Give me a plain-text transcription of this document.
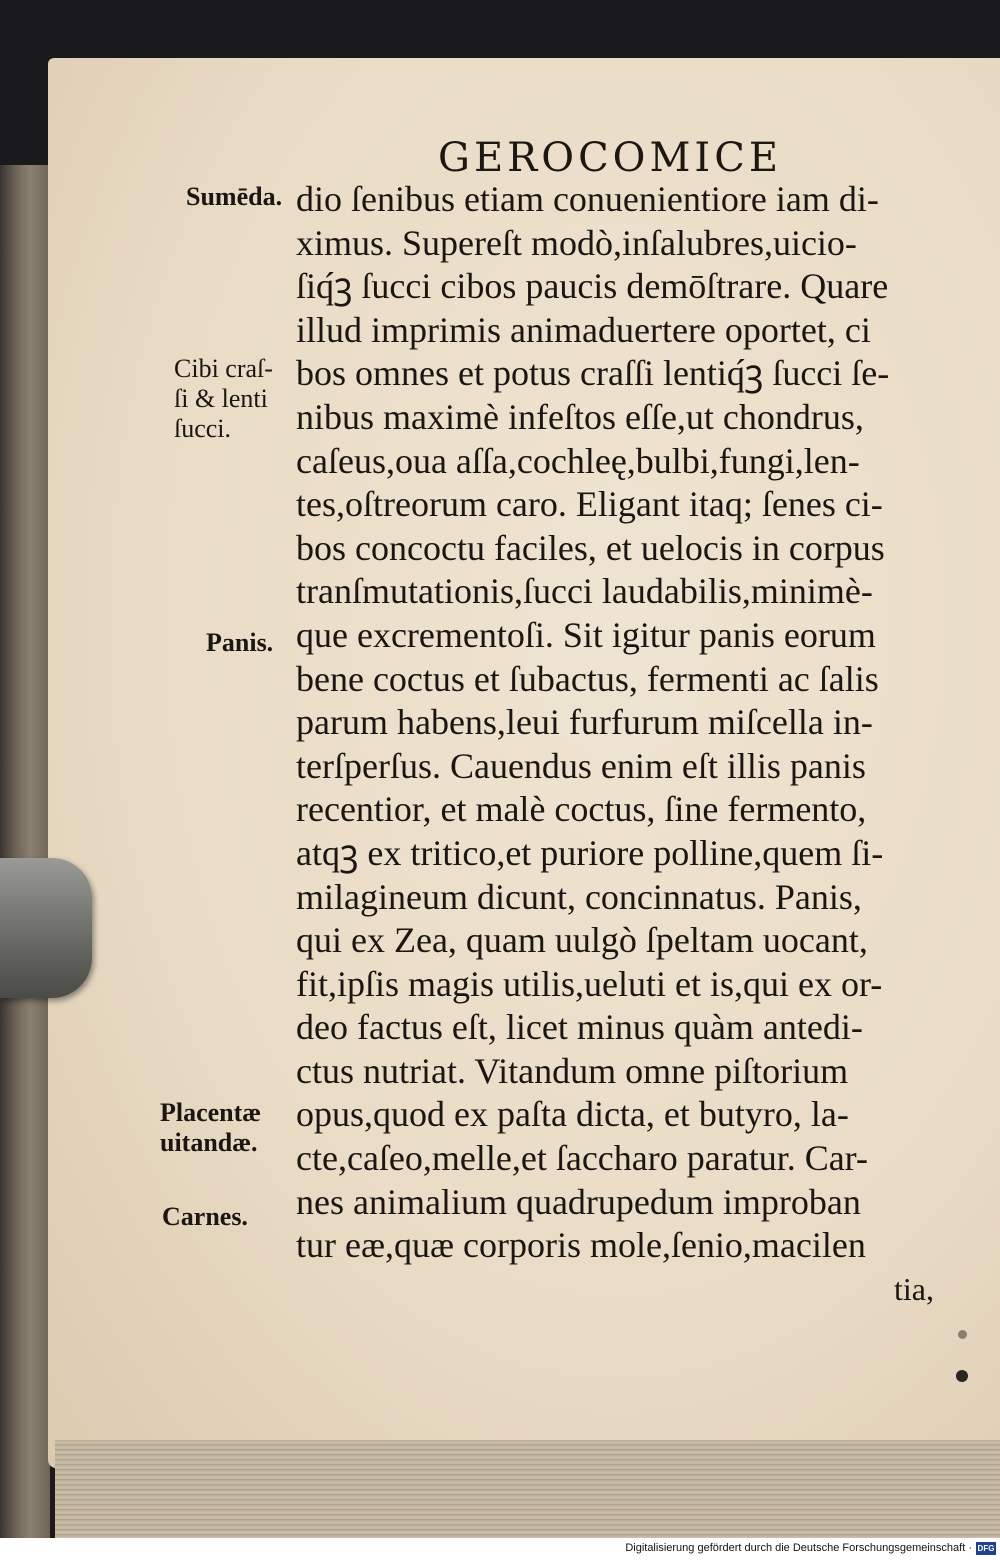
GEROCOMICE
Sumēda.
Cibi craſ-
ſi & lenti
ſucci.
Panis.
Placentæ
uitandæ.
Carnes.
dio ſenibus etiam conuenientiore iam di-
ximus. Supereſt modò,inſalubres,uicio-
ſiq́ꝫ ſucci cibos paucis demōſtrare. Quare
illud imprimis animaduertere oportet, ci
bos omnes et potus craſſi lentiq́ꝫ ſucci ſe-
nibus maximè infeſtos eſſe,ut chondrus,
caſeus,oua aſſa,cochleę,bulbi,fungi,len-
tes,oſtreorum caro. Eligant itaq; ſenes ci-
bos concoctu faciles, et uelocis in corpus
tranſmutationis,ſucci laudabilis,minimè-
que excrementoſi. Sit igitur panis eorum
bene coctus et ſubactus, fermenti ac ſalis
parum habens,leui furfurum miſcella in-
terſperſus. Cauendus enim eſt illis panis
recentior, et malè coctus, ſine fermento,
atqꝫ ex tritico,et puriore polline,quem ſi-
milagineum dicunt, concinnatus. Panis,
qui ex Zea, quam uulgò ſpeltam uocant,
fit,ipſis magis utilis,ueluti et is,qui ex or-
deo factus eſt, licet minus quàm antedi-
ctus nutriat. Vitandum omne piſtorium
opus,quod ex paſta dicta, et butyro, la-
cte,caſeo,melle,et ſaccharo paratur. Car-
nes animalium quadrupedum improban
tur eæ,quæ corporis mole,ſenio,macilen
tia,
Digitalisierung gefördert durch die Deutsche Forschungsgemeinschaft · DFG
